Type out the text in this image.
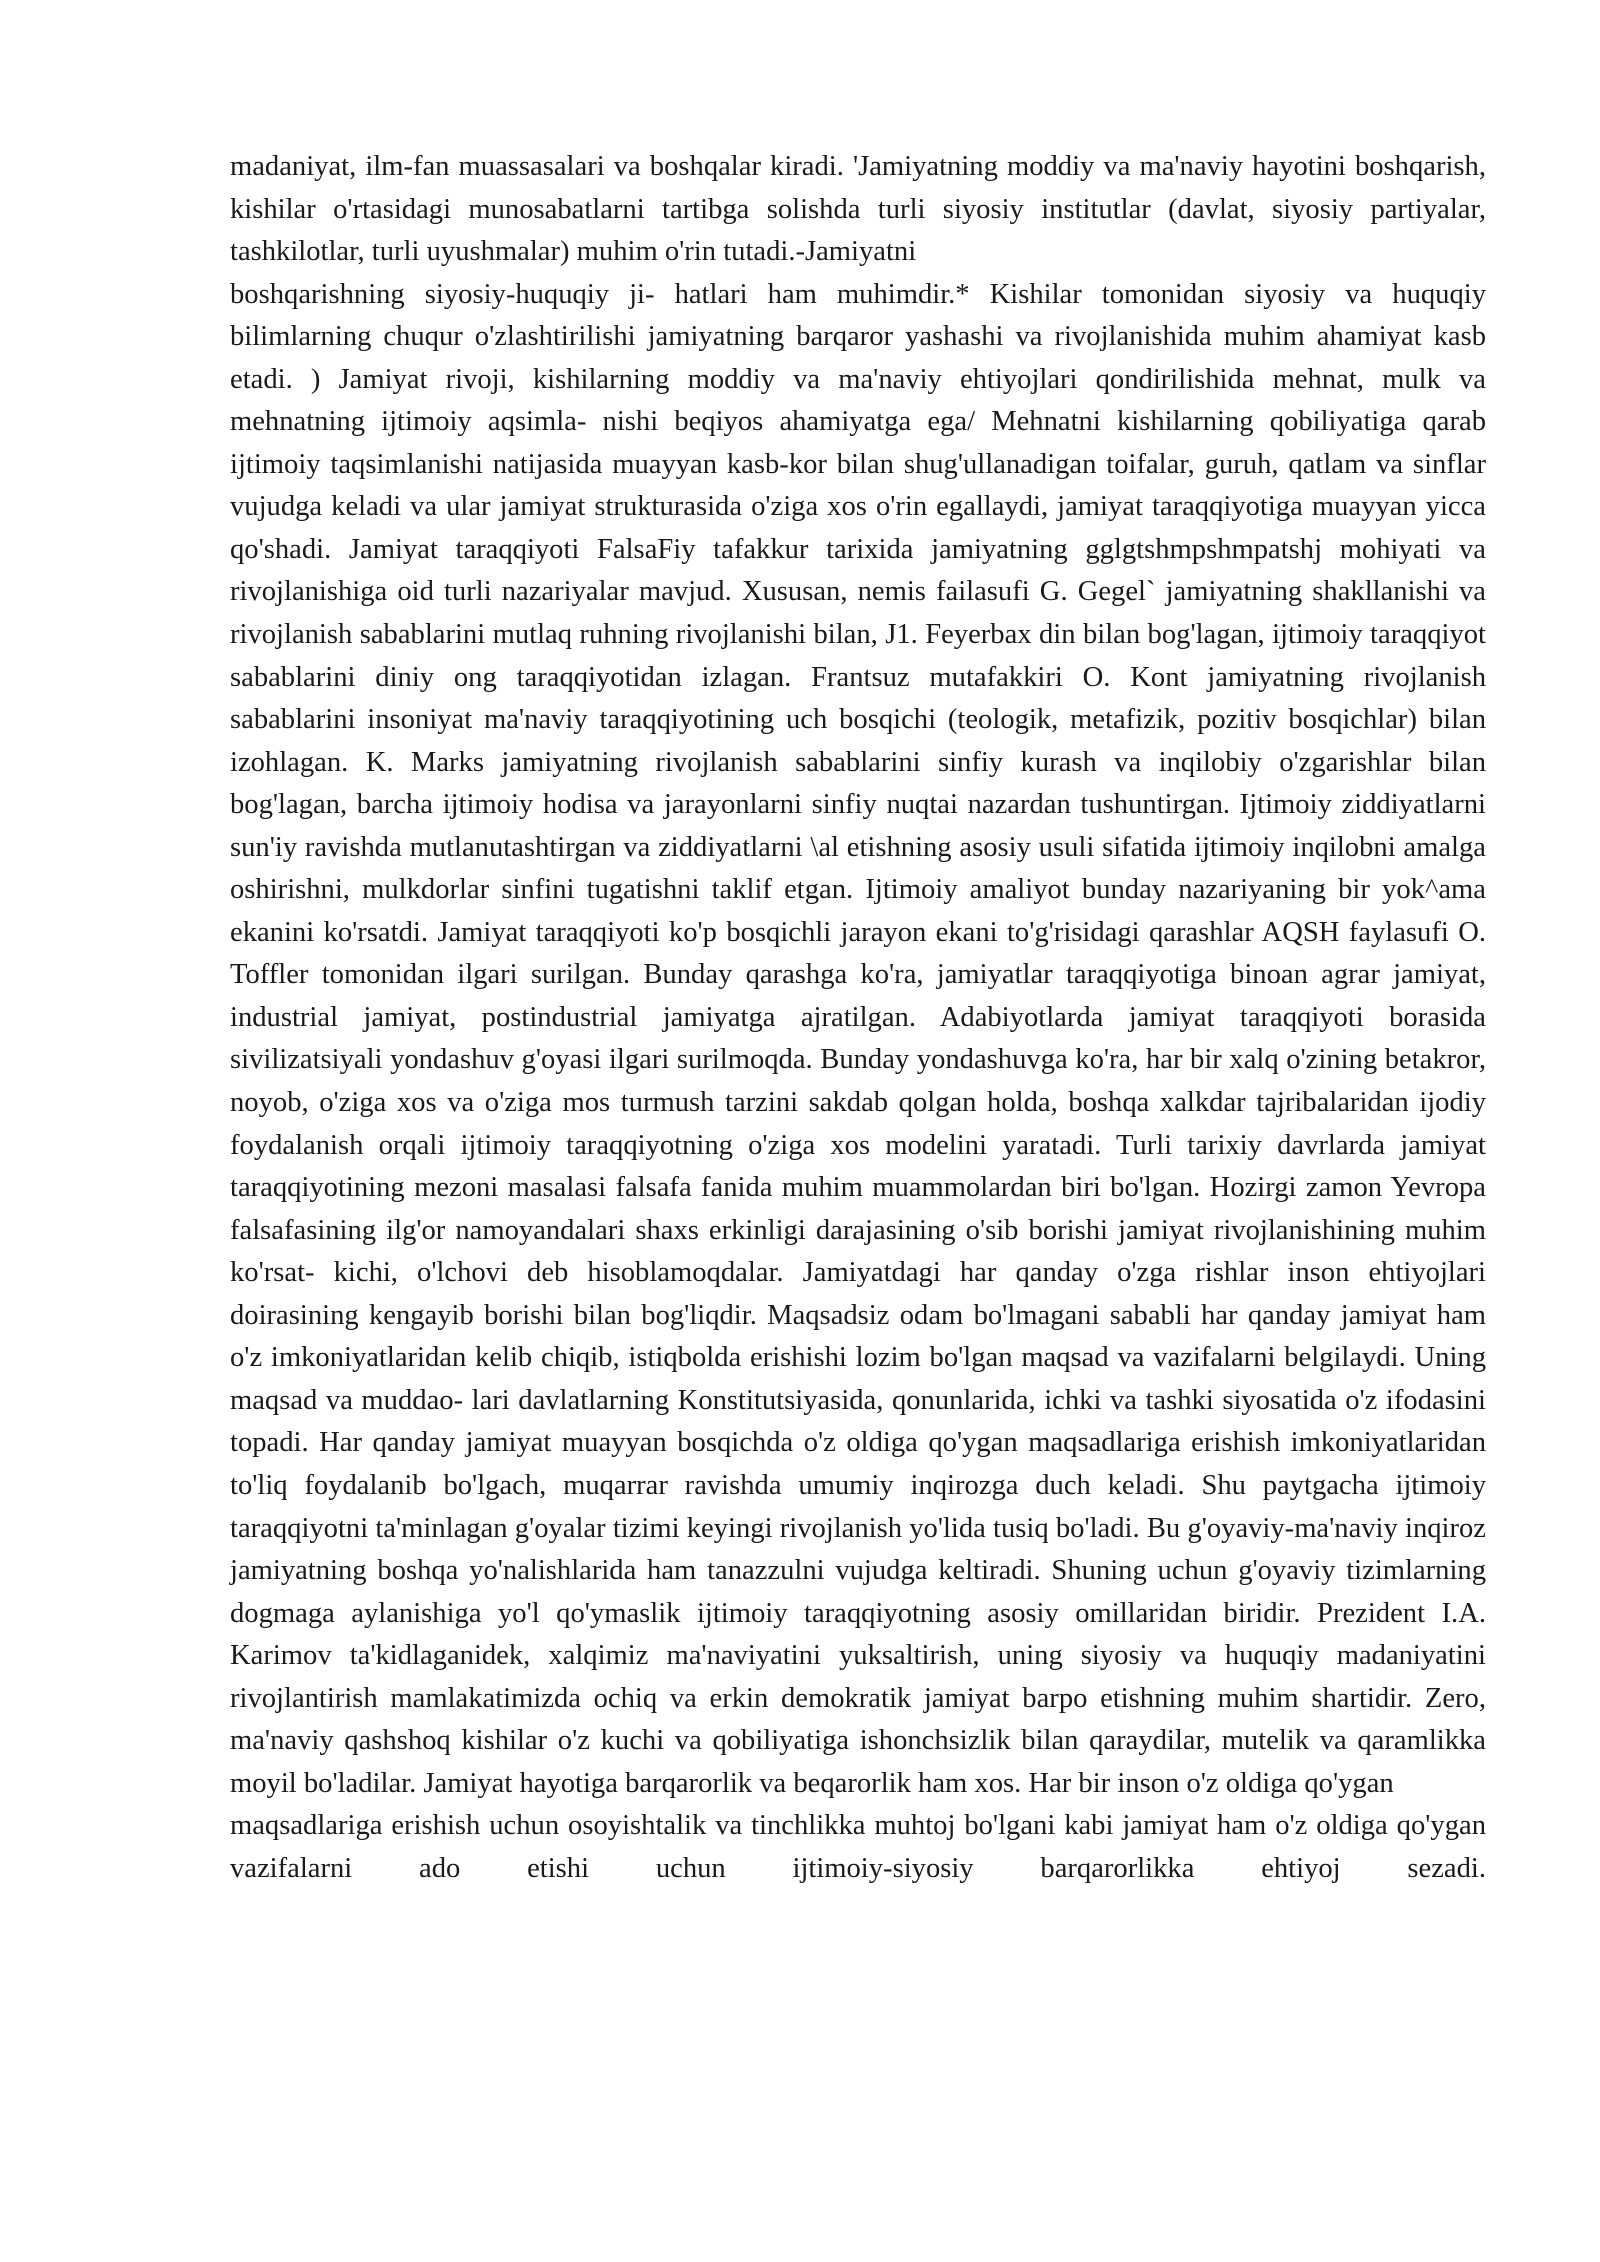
madaniyat, ilm-fan muassasalari va boshqalar kiradi. 'Jamiyatning moddiy va ma'naviy hayotini boshqarish, kishilar o'rtasidagi munosabatlarni tartibga solishda turli siyosiy institutlar (davlat, siyosiy partiyalar, tashkilotlar, turli uyushmalar) muhim o'rin tutadi.-Jamiyatni

boshqarishning siyosiy-huquqiy ji- hatlari ham muhimdir.* Kishilar tomonidan siyosiy va huquqiy bilimlarning chuqur o'zlashtirilishi jamiyatning barqaror yashashi va rivojlanishida muhim ahamiyat kasb etadi. ) Jamiyat rivoji, kishilarning moddiy va ma'naviy ehtiyojlari qondirilishida mehnat, mulk va mehnatning ijtimoiy aqsimla- nishi beqiyos ahamiyatga ega/ Mehnatni kishilarning qobiliyatiga qarab ijtimoiy taqsimlanishi natijasida muayyan kasb-kor bilan shug'ullanadigan toifalar, guruh, qatlam va sinflar vujudga keladi va ular jamiyat strukturasida o'ziga xos o'rin egallaydi, jamiyat taraqqiyotiga muayyan yicca qo'shadi. Jamiyat taraqqiyoti FalsaFiy tafakkur tarixida jamiyatning gglgtshmpshmpatshj mohiyati va rivojlanishiga oid turli nazariyalar mavjud. Xususan, nemis failasufi G. Gegel` jamiyatning shakllanishi va rivojlanish sabablarini mutlaq ruhning rivojlanishi bilan, J1. Feyerbax din bilan bog'lagan, ijtimoiy taraqqiyot sabablarini diniy ong taraqqiyotidan izlagan. Frantsuz mutafakkiri O. Kont jamiyatning rivojlanish sabablarini insoniyat ma'naviy taraqqiyotining uch bosqichi (teologik, metafizik, pozitiv bosqichlar) bilan izohlagan. K. Marks jamiyatning rivojlanish sabablarini sinfiy kurash va inqilobiy o'zgarishlar bilan bog'lagan, barcha ijtimoiy hodisa va jarayonlarni sinfiy nuqtai nazardan tushuntirgan. Ijtimoiy ziddiyatlarni sun'iy ravishda mutlanutashtirgan va ziddiyatlarni \al etishning asosiy usuli sifatida ijtimoiy inqilobni amalga oshirishni, mulkdorlar sinfini tugatishni taklif etgan. Ijtimoiy amaliyot bunday nazariyaning bir yok^ama ekanini ko'rsatdi. Jamiyat taraqqiyoti ko'p bosqichli jarayon ekani to'g'risidagi qarashlar AQSH faylasufi O. Toffler tomonidan ilgari surilgan. Bunday qarashga ko'ra, jamiyatlar taraqqiyotiga binoan agrar jamiyat, industrial jamiyat, postindustrial jamiyatga ajratilgan. Adabiyotlarda jamiyat taraqqiyoti borasida sivilizatsiyali yondashuv g'oyasi ilgari surilmoqda. Bunday yondashuvga ko'ra, har bir xalq o'zining betakror, noyob, o'ziga xos va o'ziga mos turmush tarzini sakdab qolgan holda, boshqa xalkdar tajribalaridan ijodiy foydalanish orqali ijtimoiy taraqqiyotning o'ziga xos modelini yaratadi. Turli tarixiy davrlarda jamiyat taraqqiyotining mezoni masalasi falsafa fanida muhim muammolardan biri bo'lgan. Hozirgi zamon Yevropa falsafasining ilg'or namoyandalari shaxs erkinligi darajasining o'sib borishi jamiyat rivojlanishining muhim ko'rsat- kichi, o'lchovi deb hisoblamoqdalar. Jamiyatdagi har qanday o'zga rishlar inson ehtiyojlari doirasining kengayib borishi bilan bog'liqdir. Maqsadsiz odam bo'lmagani sababli har qanday jamiyat ham o'z imkoniyatlaridan kelib chiqib, istiqbolda erishishi lozim bo'lgan maqsad va vazifalarni belgilaydi. Uning maqsad va muddao- lari davlatlarning Konstitutsiyasida, qonunlarida, ichki va tashki siyosatida o'z ifodasini topadi. Har qanday jamiyat muayyan bosqichda o'z oldiga qo'ygan maqsadlariga erishish imkoniyatlaridan to'liq foydalanib bo'lgach, muqarrar ravishda umumiy inqirozga duch keladi. Shu paytgacha ijtimoiy taraqqiyotni ta'minlagan g'oyalar tizimi keyingi rivojlanish yo'lida tusiq bo'ladi. Bu g'oyaviy-ma'naviy inqiroz jamiyatning boshqa yo'nalishlarida ham tanazzulni vujudga keltiradi. Shuning uchun g'oyaviy tizimlarning dogmaga aylanishiga yo'l qo'ymaslik ijtimoiy taraqqiyotning asosiy omillaridan biridir. Prezident I.A. Karimov ta'kidlaganidek, xalqimiz ma'naviyatini yuksaltirish, uning siyosiy va huquqiy madaniyatini rivojlantirish mamlakatimizda ochiq va erkin demokratik jamiyat barpo etishning muhim shartidir. Zero, ma'naviy qashshoq kishilar o'z kuchi va qobiliyatiga ishonchsizlik bilan qaraydilar, mutelik va qaramlikka moyil bo'ladilar. Jamiyat hayotiga barqarorlik va beqarorlik ham xos. Har bir inson o'z oldiga qo'ygan

maqsadlariga erishish uchun osoyishtalik va tinchlikka muhtoj bo'lgani kabi jamiyat ham o'z oldiga qo'ygan vazifalarni ado etishi uchun ijtimoiy-siyosiy barqarorlikka ehtiyoj sezadi.
